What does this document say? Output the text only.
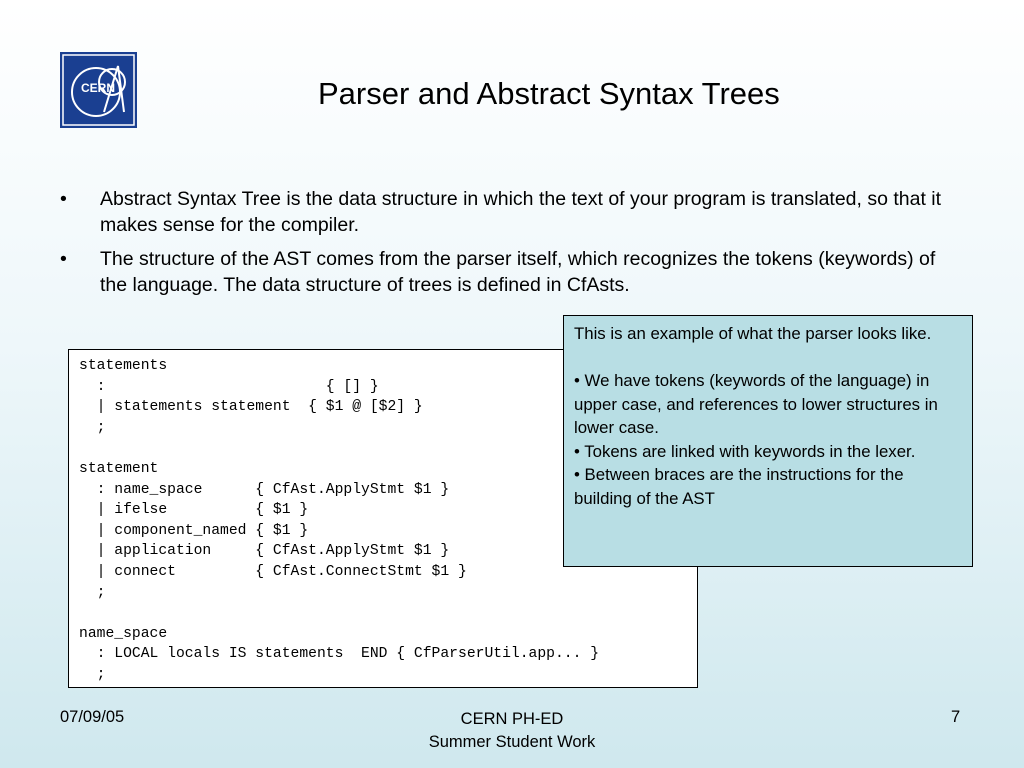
CERN	Parser and Abstract Syntax Trees
• Abstract Syntax Tree is the data structure in which the text of your program is translated, so that it makes sense for the compiler.
• The structure of the AST comes from the parser itself, which recognizes the tokens (keywords) of the language. The data structure of trees is defined in CfAsts.
statements
:                         { [] }
| statements statement  { $1 @ [$2] }
;

statement
: name_space      { CfAst.ApplyStmt $1 }
| ifelse          { $1 }
| component_named { $1 }
| application     { CfAst.ApplyStmt $1 }
| connect         { CfAst.ConnectStmt $1 }
;

name_space
: LOCAL locals IS statements  END { CfParserUtil.app... }
;

This is an example of what the parser looks like.

• We have tokens (keywords of the language) in upper case, and references to lower structures in lower case.

• Tokens are linked with keywords in the lexer.

• Between braces are the instructions for the building of the AST

07/09/05	CERN PH-ED
Summer Student Work
7
